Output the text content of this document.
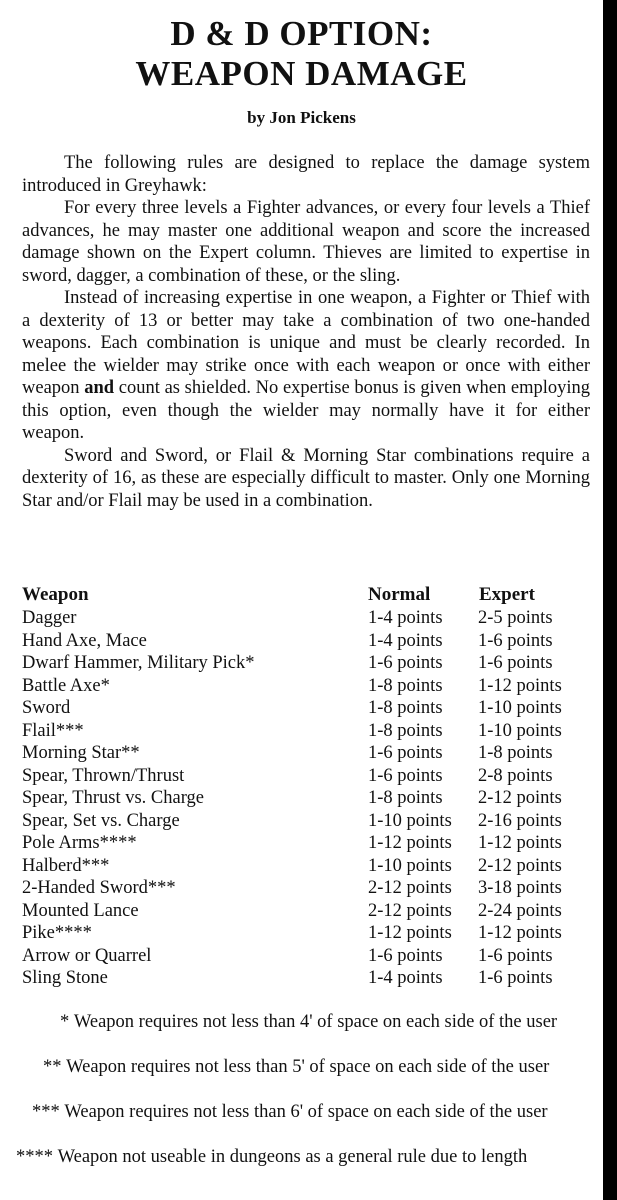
D & D OPTION:
WEAPON DAMAGE
by Jon Pickens

The following rules are designed to replace the damage system introduced in Greyhawk:

For every three levels a Fighter advances, or every four levels a Thief advances, he may master one additional weapon and score the increased damage shown on the Expert column. Thieves are limited to expertise in sword, dagger, a combination of these, or the sling.

Instead of increasing expertise in one weapon, a Fighter or Thief with a dexterity of 13 or better may take a combination of two one-handed weapons. Each combination is unique and must be clearly recorded. In melee the wielder may strike once with each weapon or once with either weapon and count as shielded. No expertise bonus is given when employing this option, even though the wielder may normally have it for either weapon.

Sword and Sword, or Flail & Morning Star combinations require a dexterity of 16, as these are especially difficult to master. Only one Morning Star and/or Flail may be used in a combination.

Weapon	Normal	Expert
Dagger	1-4 points 2-5 points
Hand Axe, Mace	1-4 points 1-6 points
Dwarf Hammer, Military Pick*	1-6 points 1-6 points
Battle Axe*	1-8 points 1-12 points
Sword	1-8 points 1-10 points
Flail***	1-8 points 1-10 points
Morning Star**	1-6 points 1-8 points
Spear, Thrown/Thrust	1-6 points 2-8 points
Spear, Thrust vs. Charge	1-8 points 2-12 points
Spear, Set vs. Charge	1-10 points 2-16 points
Pole Arms****	1-12 points 1-12 points
Halberd***	1-10 points 2-12 points
2-Handed Sword***	2-12 points 3-18 points
Mounted Lance	2-12 points 2-24 points
Pike****	1-12 points 1-12 points
Arrow or Quarrel	1-6 points 1-6 points
Sling Stone	1-4 points 1-6 points
* Weapon requires not less than 4' of space on each side of the user
** Weapon requires not less than 5' of space on each side of the user
*** Weapon requires not less than 6' of space on each side of the user
**** Weapon not useable in dungeons as a general rule due to length
